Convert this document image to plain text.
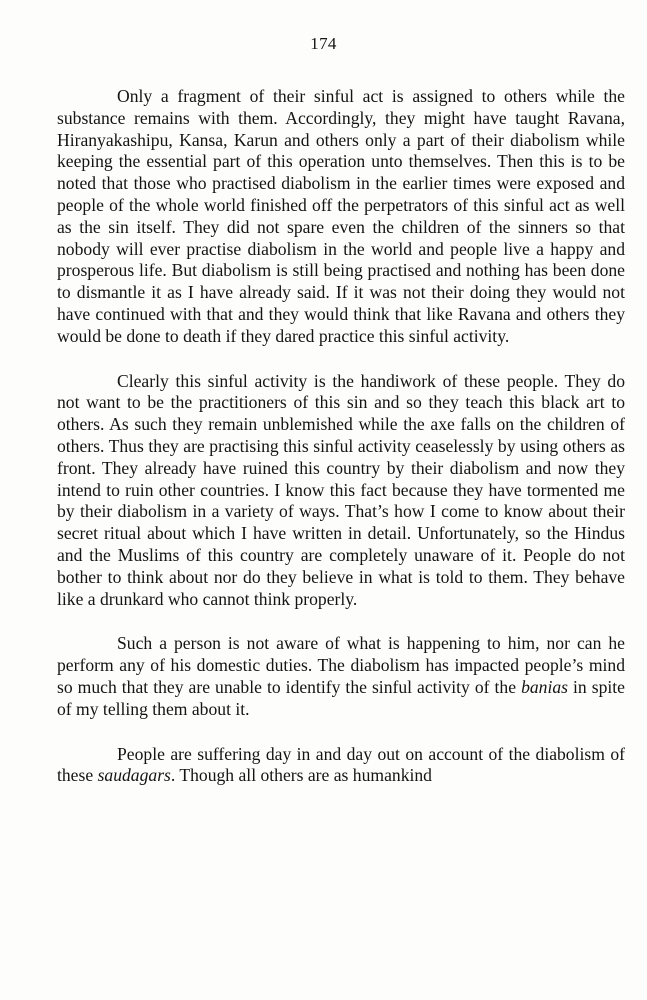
174

Only a fragment of their sinful act is assigned to others while the substance remains with them. Accordingly, they might have taught Ravana, Hiranyakashipu, Kansa, Karun and others only a part of their diabolism while keeping the essential part of this operation unto themselves. Then this is to be noted that those who practised diabolism in the earlier times were exposed and people of the whole world finished off the perpetrators of this sinful act as well as the sin itself. They did not spare even the children of the sinners so that nobody will ever practise diabolism in the world and people live a happy and prosperous life. But diabolism is still being practised and nothing has been done to dismantle it as I have already said. If it was not their doing they would not have continued with that and they would think that like Ravana and others they would be done to death if they dared practice this sinful activity.

Clearly this sinful activity is the handiwork of these people. They do not want to be the practitioners of this sin and so they teach this black art to others. As such they remain unblemished while the axe falls on the children of others. Thus they are practising this sinful activity ceaselessly by using others as front. They already have ruined this country by their diabolism and now they intend to ruin other countries. I know this fact because they have tormented me by their diabolism in a variety of ways. That’s how I come to know about their secret ritual about which I have written in detail. Unfortunately, so the Hindus and the Muslims of this country are completely unaware of it. People do not bother to think about nor do they believe in what is told to them. They behave like a drunkard who cannot think properly.

Such a person is not aware of what is happening to him, nor can he perform any of his domestic duties. The diabolism has impacted people’s mind so much that they are unable to identify the sinful activity of the banias in spite of my telling them about it.

People are suffering day in and day out on account of the diabolism of these saudagars. Though all others are as humankind
